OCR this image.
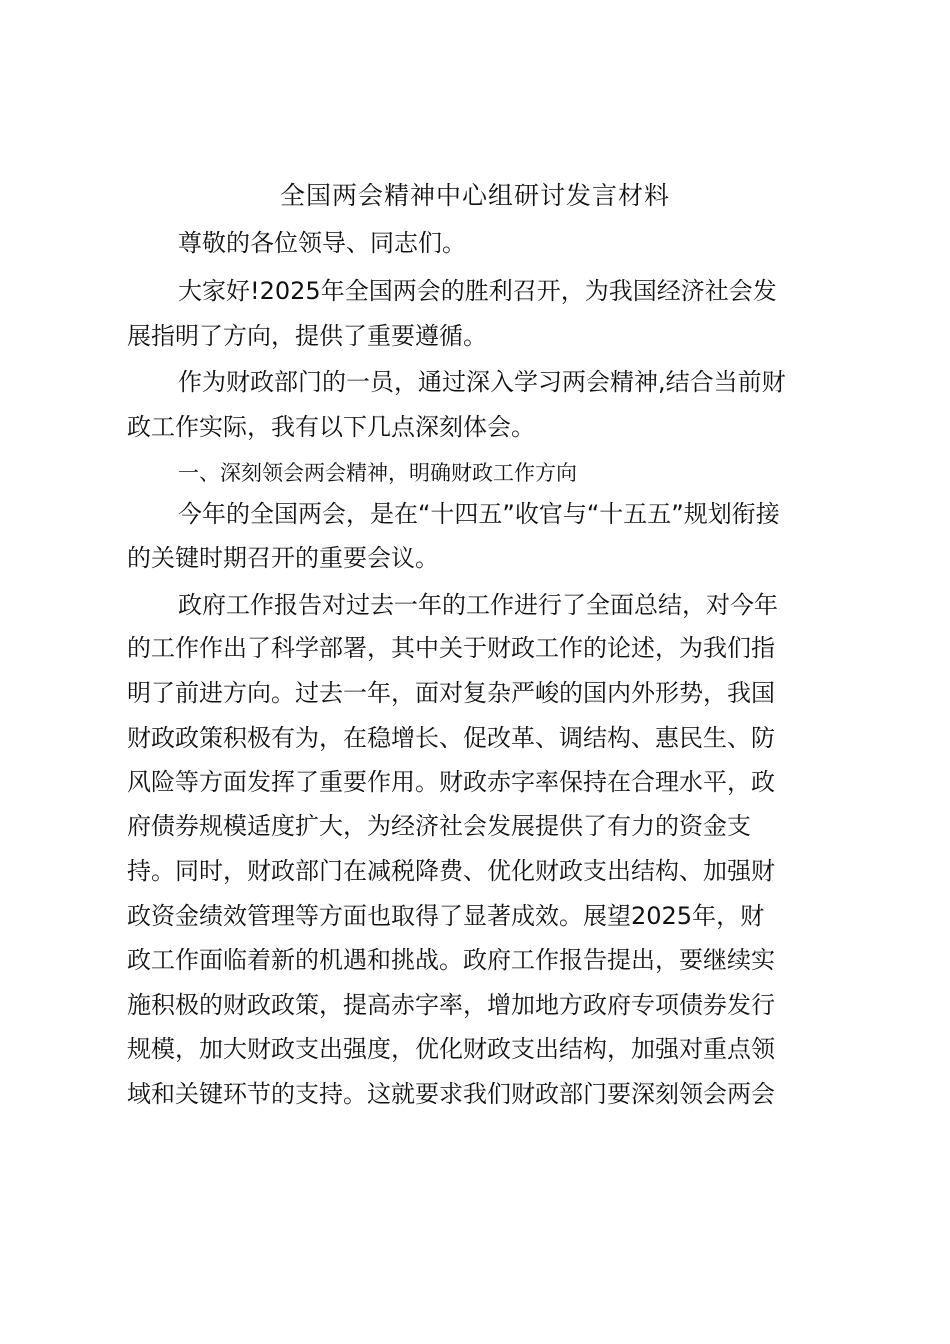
全国两会精神中心组研讨发言材料
尊敬的各位领导、同志们。
大家好!2025年全国两会的胜利召开，为我国经济社会发
展指明了方向，提供了重要遵循。
作为财政部门的一员，通过深入学习两会精神,结合当前财
政工作实际，我有以下几点深刻体会。
一、深刻领会两会精神，明确财政工作方向
今年的全国两会，是在“十四五”收官与“十五五”规划衔接
的关键时期召开的重要会议。
政府工作报告对过去一年的工作进行了全面总结，对今年
的工作作出了科学部署，其中关于财政工作的论述，为我们指
明了前进方向。过去一年，面对复杂严峻的国内外形势，我国
财政政策积极有为，在稳增长、促改革、调结构、惠民生、防
风险等方面发挥了重要作用。财政赤字率保持在合理水平，政
府债券规模适度扩大，为经济社会发展提供了有力的资金支
持。同时，财政部门在减税降费、优化财政支出结构、加强财
政资金绩效管理等方面也取得了显著成效。展望2025年，财
政工作面临着新的机遇和挑战。政府工作报告提出，要继续实
施积极的财政政策，提高赤字率，增加地方政府专项债券发行
规模，加大财政支出强度，优化财政支出结构，加强对重点领
域和关键环节的支持。这就要求我们财政部门要深刻领会两会
